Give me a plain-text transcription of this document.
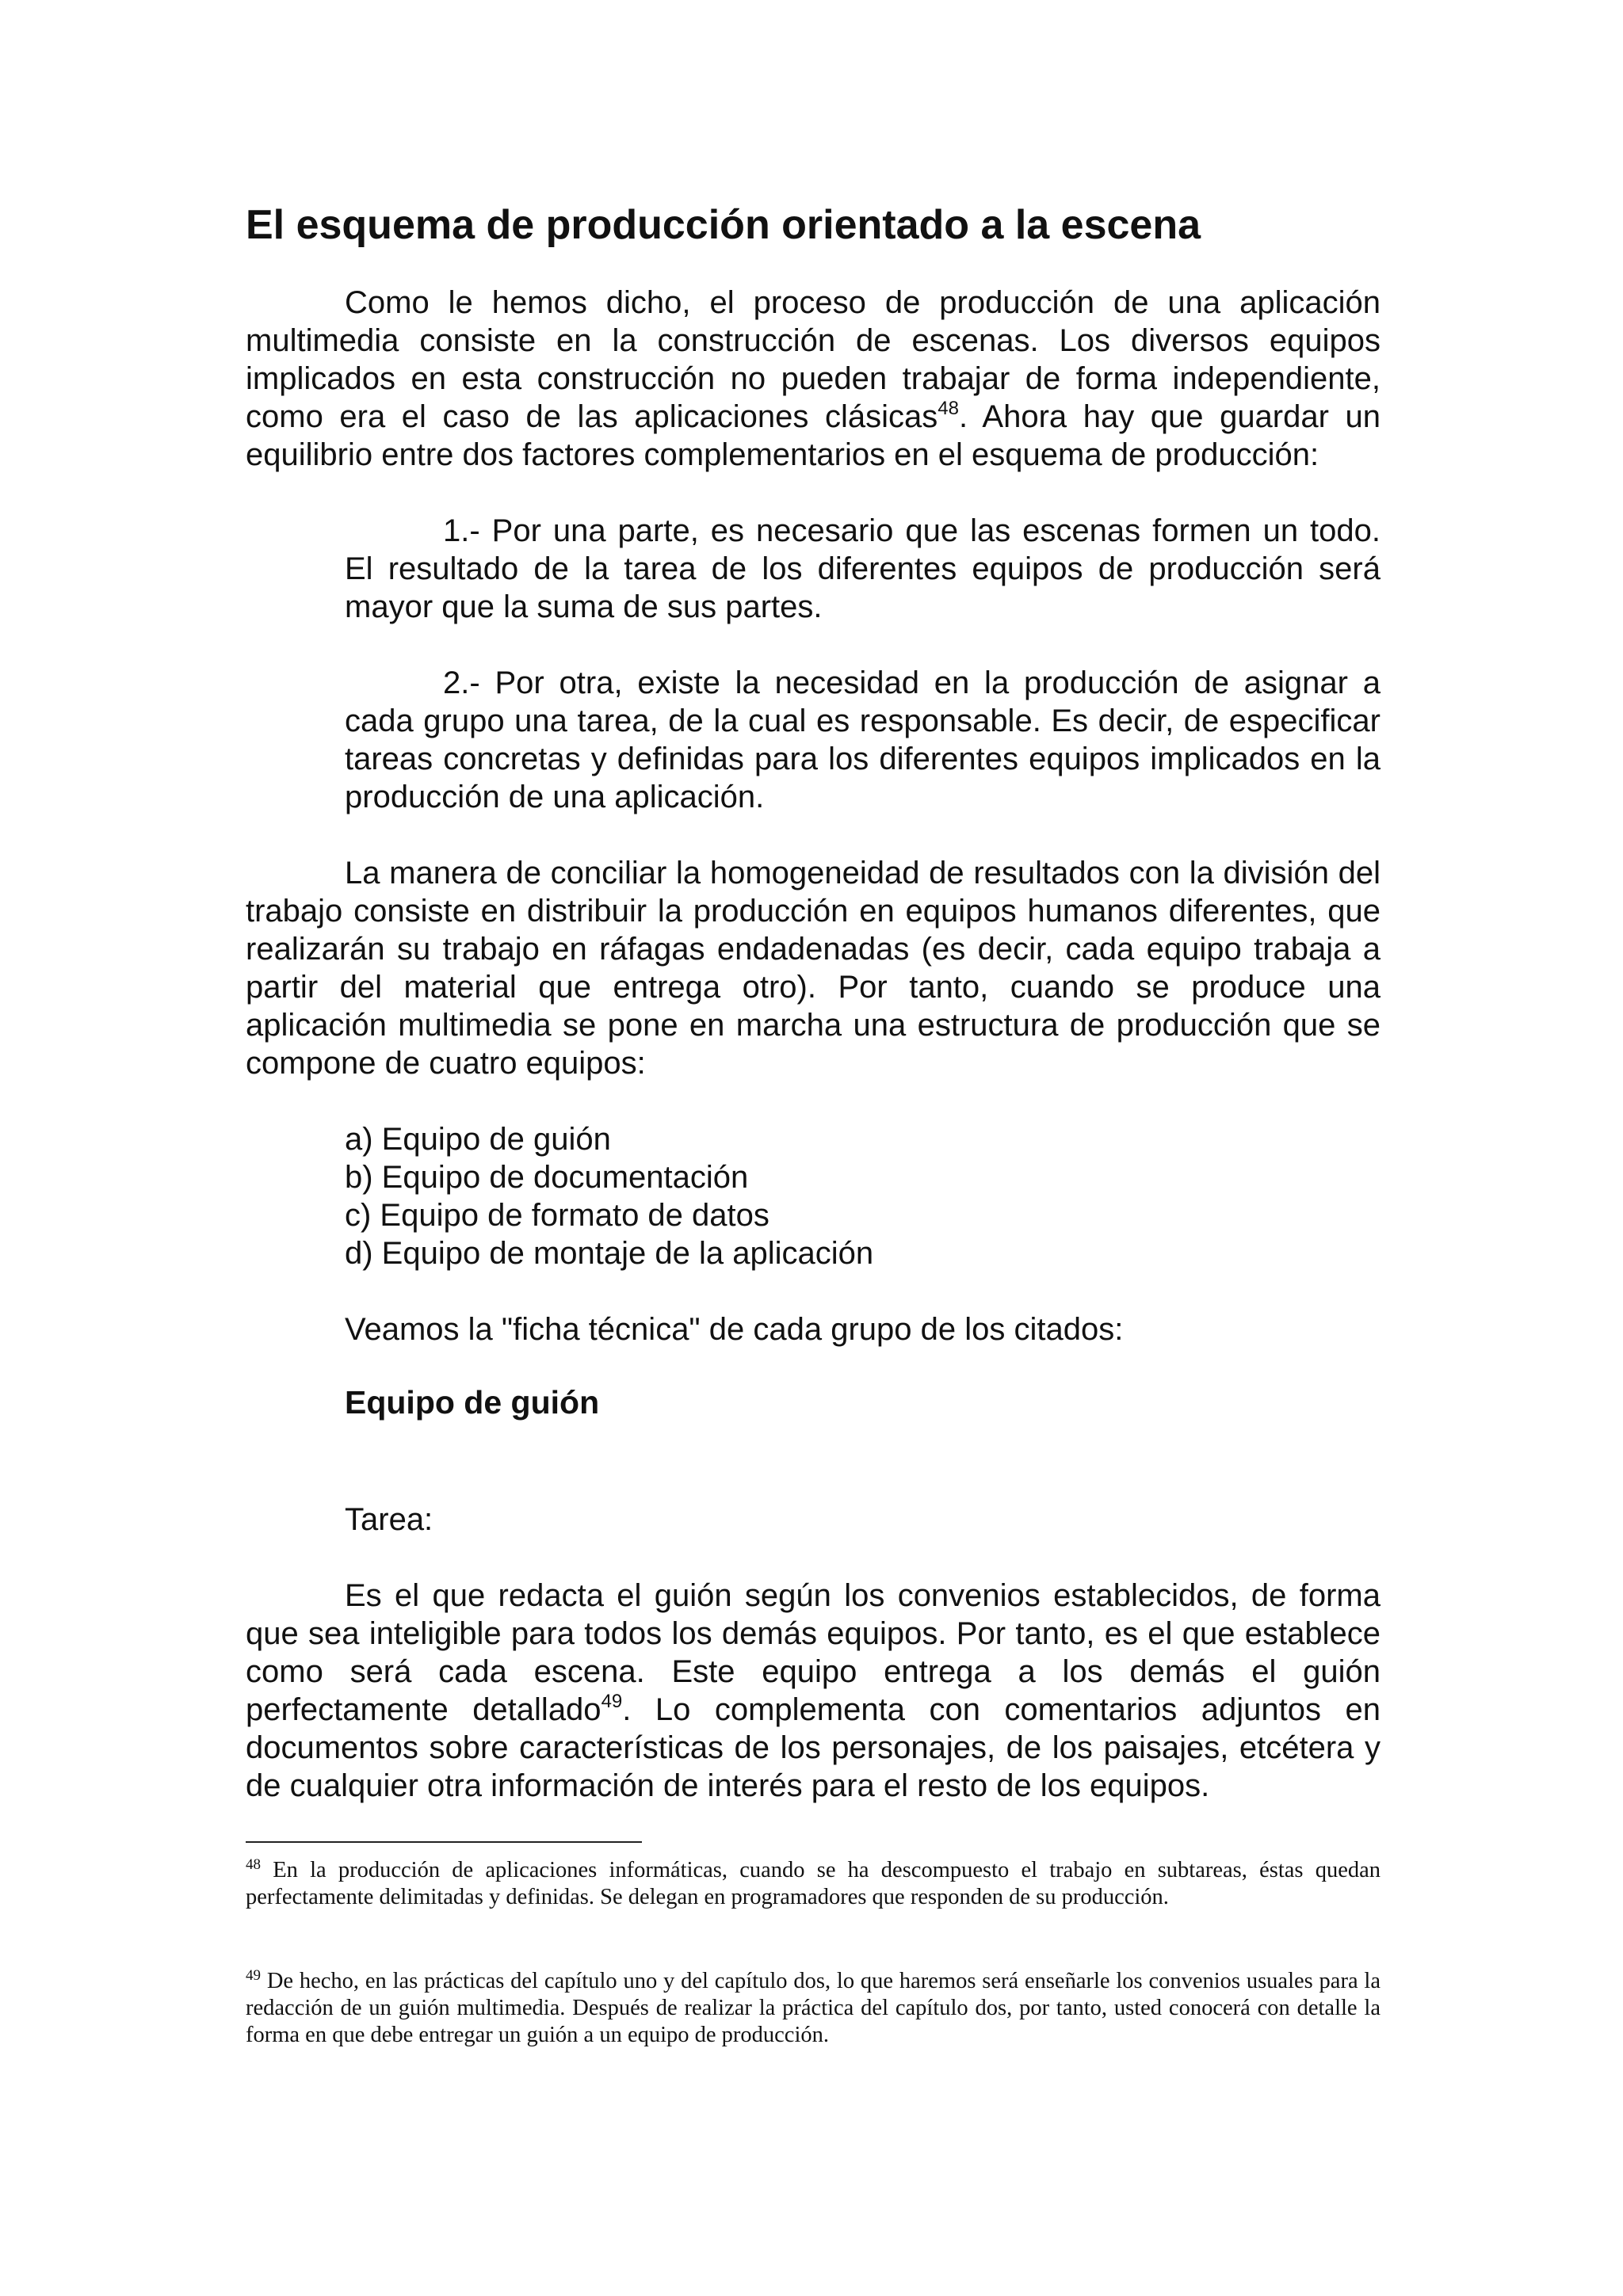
El esquema de producción orientado a la escena

Como le hemos dicho, el proceso de producción de una aplicación multimedia consiste en la construcción de escenas. Los diversos equipos implicados en esta construcción no pueden trabajar de forma independiente, como era el caso de las aplicaciones clásicas$^{48}$. Ahora hay que guardar un equilibrio entre dos factores complementarios en el esquema de producción:

1.- Por una parte, es necesario que las escenas formen un todo. El resultado de la tarea de los diferentes equipos de producción será mayor que la suma de sus partes.

2.- Por otra, existe la necesidad en la producción de asignar a cada grupo una tarea, de la cual es responsable. Es decir, de especificar tareas concretas y definidas para los diferentes equipos implicados en la producción de una aplicación.

La manera de conciliar la homogeneidad de resultados con la división del trabajo consiste en distribuir la producción en equipos humanos diferentes, que realizarán su trabajo en ráfagas endadenadas (es decir, cada equipo trabaja a partir del material que entrega otro). Por tanto, cuando se produce una aplicación multimedia se pone en marcha una estructura de producción que se compone de cuatro equipos:

a) Equipo de guión
b) Equipo de documentación
c) Equipo de formato de datos
d) Equipo de montaje de la aplicación

Veamos la "ficha técnica" de cada grupo de los citados:

Equipo de guión

Tarea:

Es el que redacta el guión según los convenios establecidos, de forma que sea inteligible para todos los demás equipos. Por tanto, es el que establece como será cada escena. Este equipo entrega a los demás el guión perfectamente detallado$^{49}$. Lo complementa con comentarios adjuntos en documentos sobre características de los personajes, de los paisajes, etcétera y de cualquier otra información de interés para el resto de los equipos.

$^{48}$ En la producción de aplicaciones informáticas, cuando se ha descompuesto el trabajo en subtareas, éstas quedan perfectamente delimitadas y definidas. Se delegan en programadores que responden de su producción.

$^{49}$ De hecho, en las prácticas del capítulo uno y del capítulo dos, lo que haremos será enseñarle los convenios usuales para la redacción de un guión multimedia. Después de realizar la práctica del capítulo dos, por tanto, usted conocerá con detalle la forma en que debe entregar un guión a un equipo de producción.
